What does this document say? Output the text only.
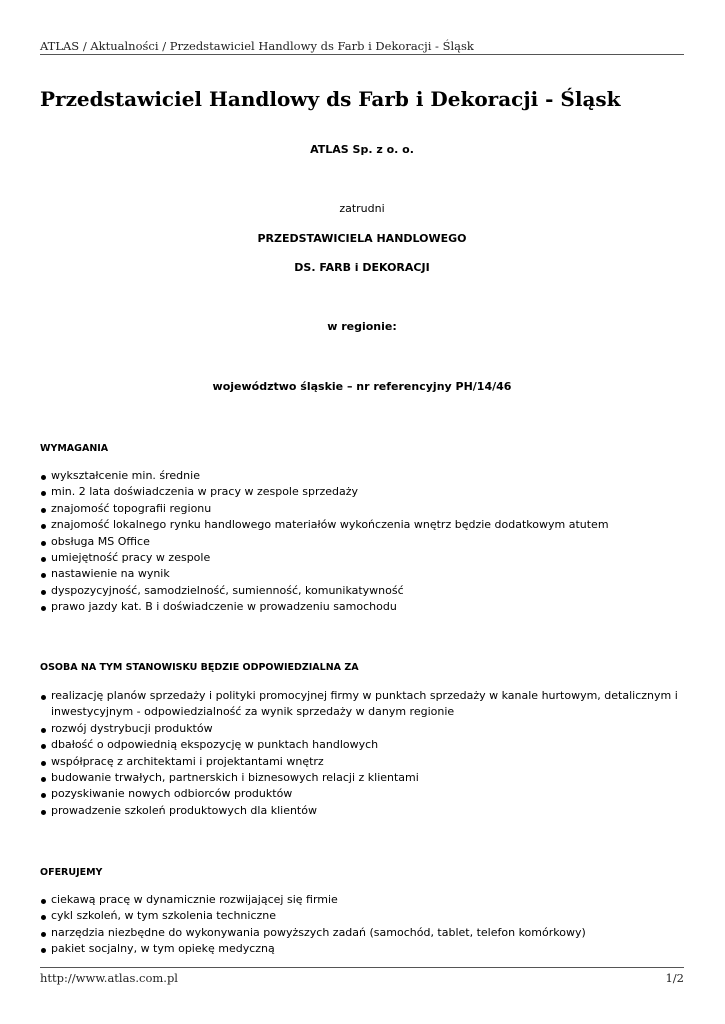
ATLAS / Aktualności / Przedstawiciel Handlowy ds Farb i Dekoracji - Śląsk
Przedstawiciel Handlowy ds Farb i Dekoracji - Śląsk
ATLAS Sp. z o. o.
zatrudni
PRZEDSTAWICIELA HANDLOWEGO
DS. FARB i DEKORACJI
w regionie:
województwo śląskie – nr referencyjny PH/14/46
WYMAGANIA
wykształcenie min. średnie
min. 2 lata doświadczenia w pracy w zespole sprzedaży
znajomość topografii regionu
znajomość lokalnego rynku handlowego materiałów wykończenia wnętrz będzie dodatkowym atutem
obsługa MS Office
umiejętność pracy w zespole
nastawienie na wynik
dyspozycyjność, samodzielność, sumienność, komunikatywność
prawo jazdy kat. B i doświadczenie w prowadzeniu samochodu
OSOBA NA TYM STANOWISKU BĘDZIE ODPOWIEDZIALNA ZA
realizację planów sprzedaży i polityki promocyjnej firmy w punktach sprzedaży w kanale hurtowym, detalicznym i inwestycyjnym - odpowiedzialność za wynik sprzedaży w danym regionie
rozwój dystrybucji produktów
dbałość o odpowiednią ekspozycję w punktach handlowych
współpracę z architektami i projektantami wnętrz
budowanie trwałych, partnerskich i biznesowych relacji z klientami
pozyskiwanie nowych odbiorców produktów
prowadzenie szkoleń produktowych dla klientów
OFERUJEMY
ciekawą pracę w dynamicznie rozwijającej się firmie
cykl szkoleń, w tym szkolenia techniczne
narzędzia niezbędne do wykonywania powyższych zadań (samochód, tablet, telefon komórkowy)
pakiet socjalny, w tym opiekę medyczną
http://www.atlas.com.pl	1/2
